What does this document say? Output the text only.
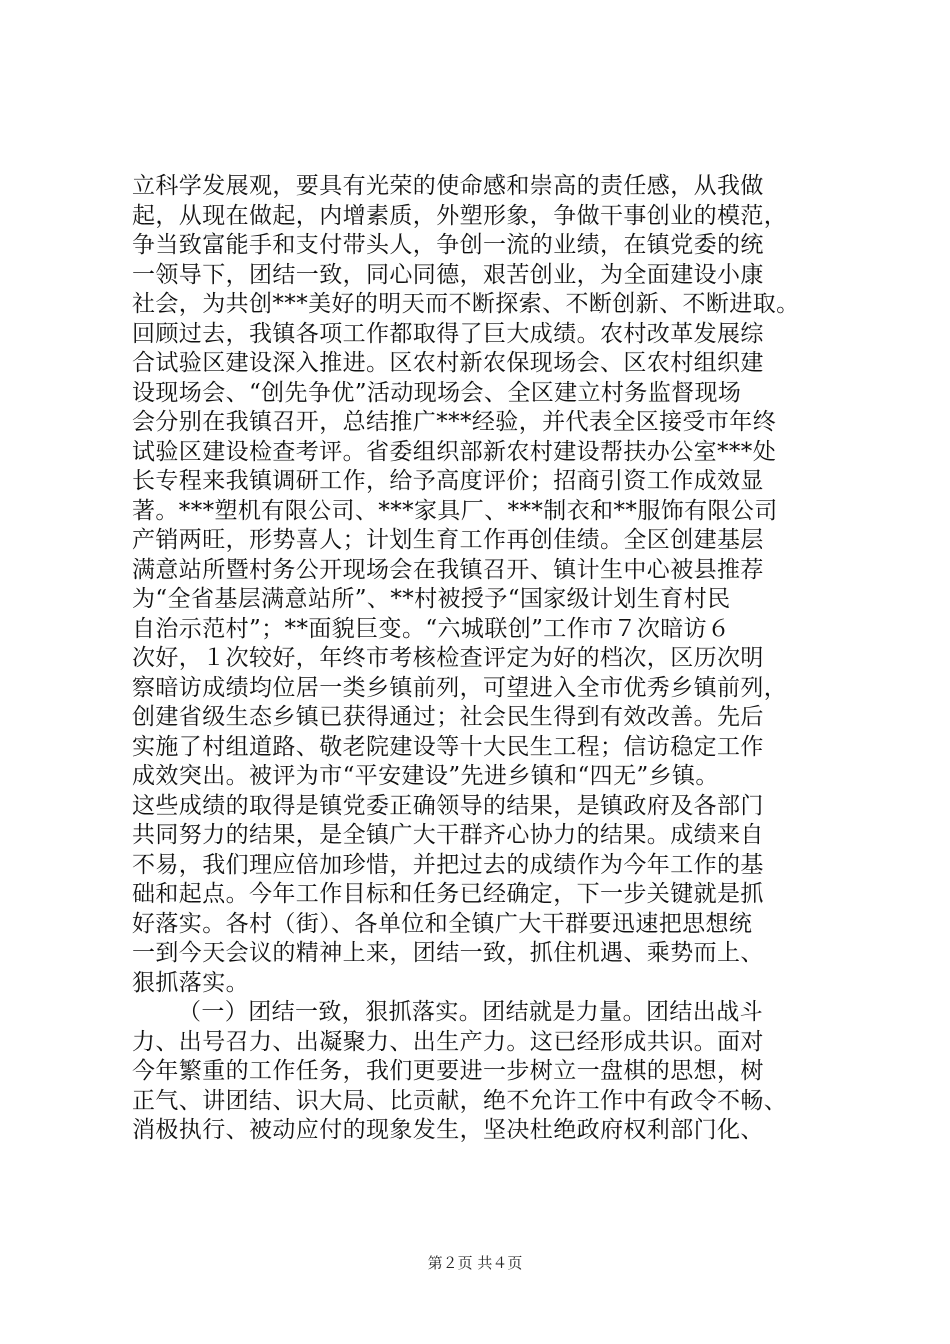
立科学发展观，要具有光荣的使命感和崇高的责任感，从我做
起，从现在做起，内增素质，外塑形象，争做干事创业的模范，
争当致富能手和支付带头人，争创一流的业绩，在镇党委的统
一领导下，团结一致，同心同德，艰苦创业，为全面建设小康
社会，为共创***美好的明天而不断探索、不断创新、不断进取。
回顾过去，我镇各项工作都取得了巨大成绩。农村改革发展综
合试验区建设深入推进。区农村新农保现场会、区农村组织建
设现场会、“创先争优”活动现场会、全区建立村务监督现场
会分别在我镇召开，总结推广***经验，并代表全区接受市年终
试验区建设检查考评。省委组织部新农村建设帮扶办公室***处
长专程来我镇调研工作，给予高度评价；招商引资工作成效显
著。***塑机有限公司、***家具厂、***制衣和**服饰有限公司
产销两旺，形势喜人；计划生育工作再创佳绩。全区创建基层
满意站所暨村务公开现场会在我镇召开、镇计生中心被县推荐
为“全省基层满意站所”、**村被授予“国家级计划生育村民
自治示范村”；**面貌巨变。“六城联创”工作市７次暗访６
次好，１次较好，年终市考核检查评定为好的档次，区历次明
察暗访成绩均位居一类乡镇前列，可望进入全市优秀乡镇前列，
创建省级生态乡镇已获得通过；社会民生得到有效改善。先后
实施了村组道路、敬老院建设等十大民生工程；信访稳定工作
成效突出。被评为市“平安建设”先进乡镇和“四无”乡镇。
这些成绩的取得是镇党委正确领导的结果，是镇政府及各部门
共同努力的结果，是全镇广大干群齐心协力的结果。成绩来自
不易，我们理应倍加珍惜，并把过去的成绩作为今年工作的基
础和起点。今年工作目标和任务已经确定，下一步关键就是抓
好落实。各村（街）、各单位和全镇广大干群要迅速把思想统
一到今天会议的精神上来，团结一致，抓住机遇、乘势而上、
狠抓落实。
（一）团结一致，狠抓落实。团结就是力量。团结出战斗
力、出号召力、出凝聚力、出生产力。这已经形成共识。面对
今年繁重的工作任务，我们更要进一步树立一盘棋的思想，树
正气、讲团结、识大局、比贡献，绝不允许工作中有政令不畅、
消极执行、被动应付的现象发生，坚决杜绝政府权利部门化、
第２页 共４页
